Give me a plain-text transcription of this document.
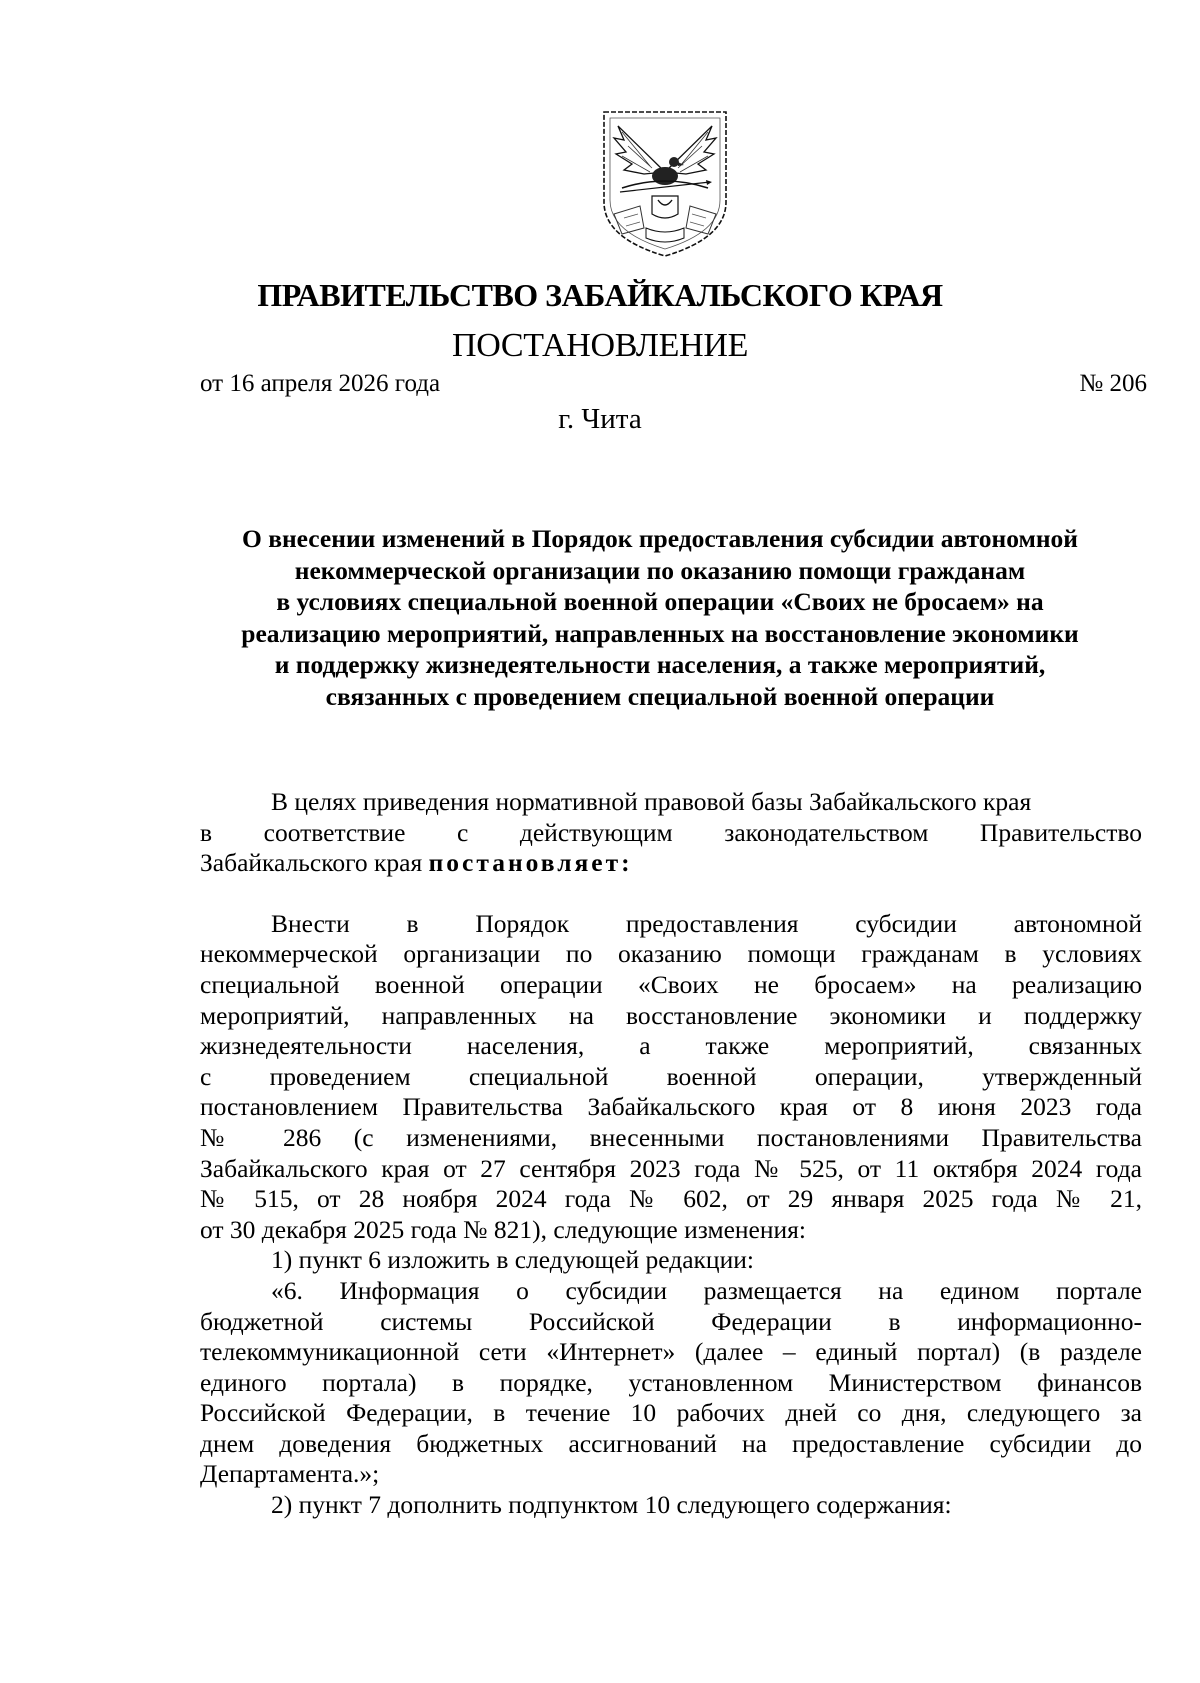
ПРАВИТЕЛЬСТВО ЗАБАЙКАЛЬСКОГО КРАЯ
ПОСТАНОВЛЕНИЕ
от 16 апреля 2026 года	№ 206
г. Чита
О внесении изменений в Порядок предоставления субсидии автономной
некоммерческой организации по оказанию помощи гражданам
в условиях специальной военной операции «Своих не бросаем» на
реализацию мероприятий, направленных на восстановление экономики
и поддержку жизнедеятельности населения, а также мероприятий,
связанных с проведением специальной военной операции
В целях приведения нормативной правовой базы Забайкальского края
в соответствие с действующим законодательством Правительство
Забайкальского края постановляет:
Внести в Порядок предоставления субсидии автономной
некоммерческой организации по оказанию помощи гражданам в условиях
специальной военной операции «Своих не бросаем» на реализацию
мероприятий, направленных на восстановление экономики и поддержку
жизнедеятельности населения, а также мероприятий, связанных
с проведением специальной военной операции, утвержденный
постановлением Правительства Забайкальского края от 8 июня 2023 года
№ 286 (с изменениями, внесенными постановлениями Правительства
Забайкальского края от 27 сентября 2023 года № 525, от 11 октября 2024 года
№ 515, от 28 ноября 2024 года № 602, от 29 января 2025 года № 21,
от 30 декабря 2025 года № 821), следующие изменения:
1) пункт 6 изложить в следующей редакции:
«6. Информация о субсидии размещается на едином портале
бюджетной системы Российской Федерации в информационно-
телекоммуникационной сети «Интернет» (далее – единый портал) (в разделе
единого портала) в порядке, установленном Министерством финансов
Российской Федерации, в течение 10 рабочих дней со дня, следующего за
днем доведения бюджетных ассигнований на предоставление субсидии до
Департамента.»;
2) пункт 7 дополнить подпунктом 10 следующего содержания:
